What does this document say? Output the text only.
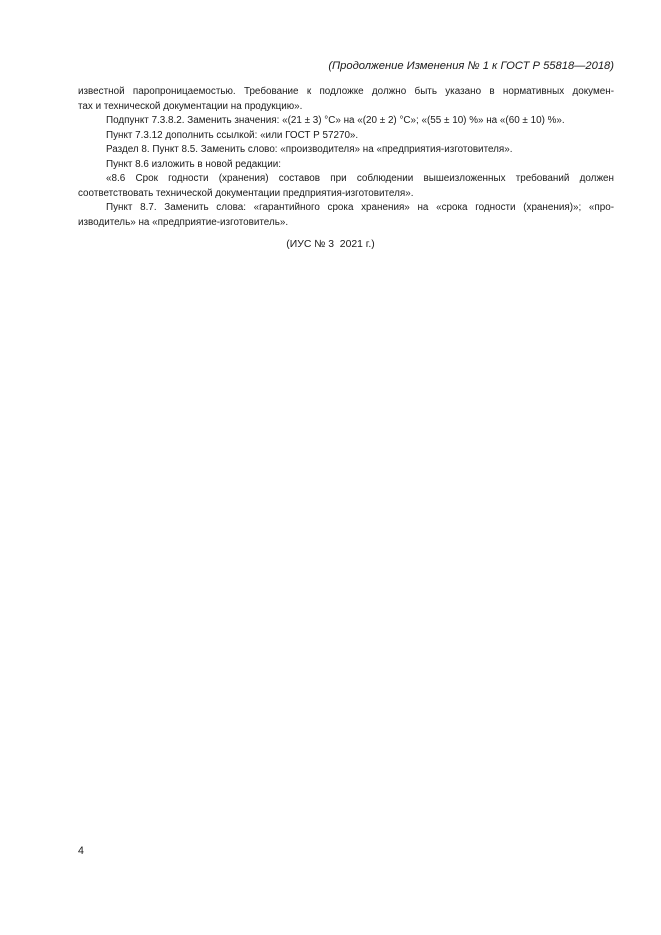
(Продолжение Изменения № 1 к ГОСТ Р 55818—2018)
известной паропроницаемостью. Требование к подложке должно быть указано в нормативных докумен-
тах и технической документации на продукцию».
Подпункт 7.3.8.2. Заменить значения: «(21 ± 3) °С» на «(20 ± 2) °С»; «(55 ± 10) %» на «(60 ± 10) %».
Пункт 7.3.12 дополнить ссылкой: «или ГОСТ Р 57270».
Раздел 8. Пункт 8.5. Заменить слово: «производителя» на «предприятия-изготовителя».
Пункт 8.6 изложить в новой редакции:
«8.6 Срок годности (хранения) составов при соблюдении вышеизложенных требований должен
соответствовать технической документации предприятия-изготовителя».
Пункт 8.7. Заменить слова: «гарантийного срока хранения» на «срока годности (хранения)»; «про-
изводитель» на «предприятие-изготовитель».
(ИУС № 3  2021 г.)
4
